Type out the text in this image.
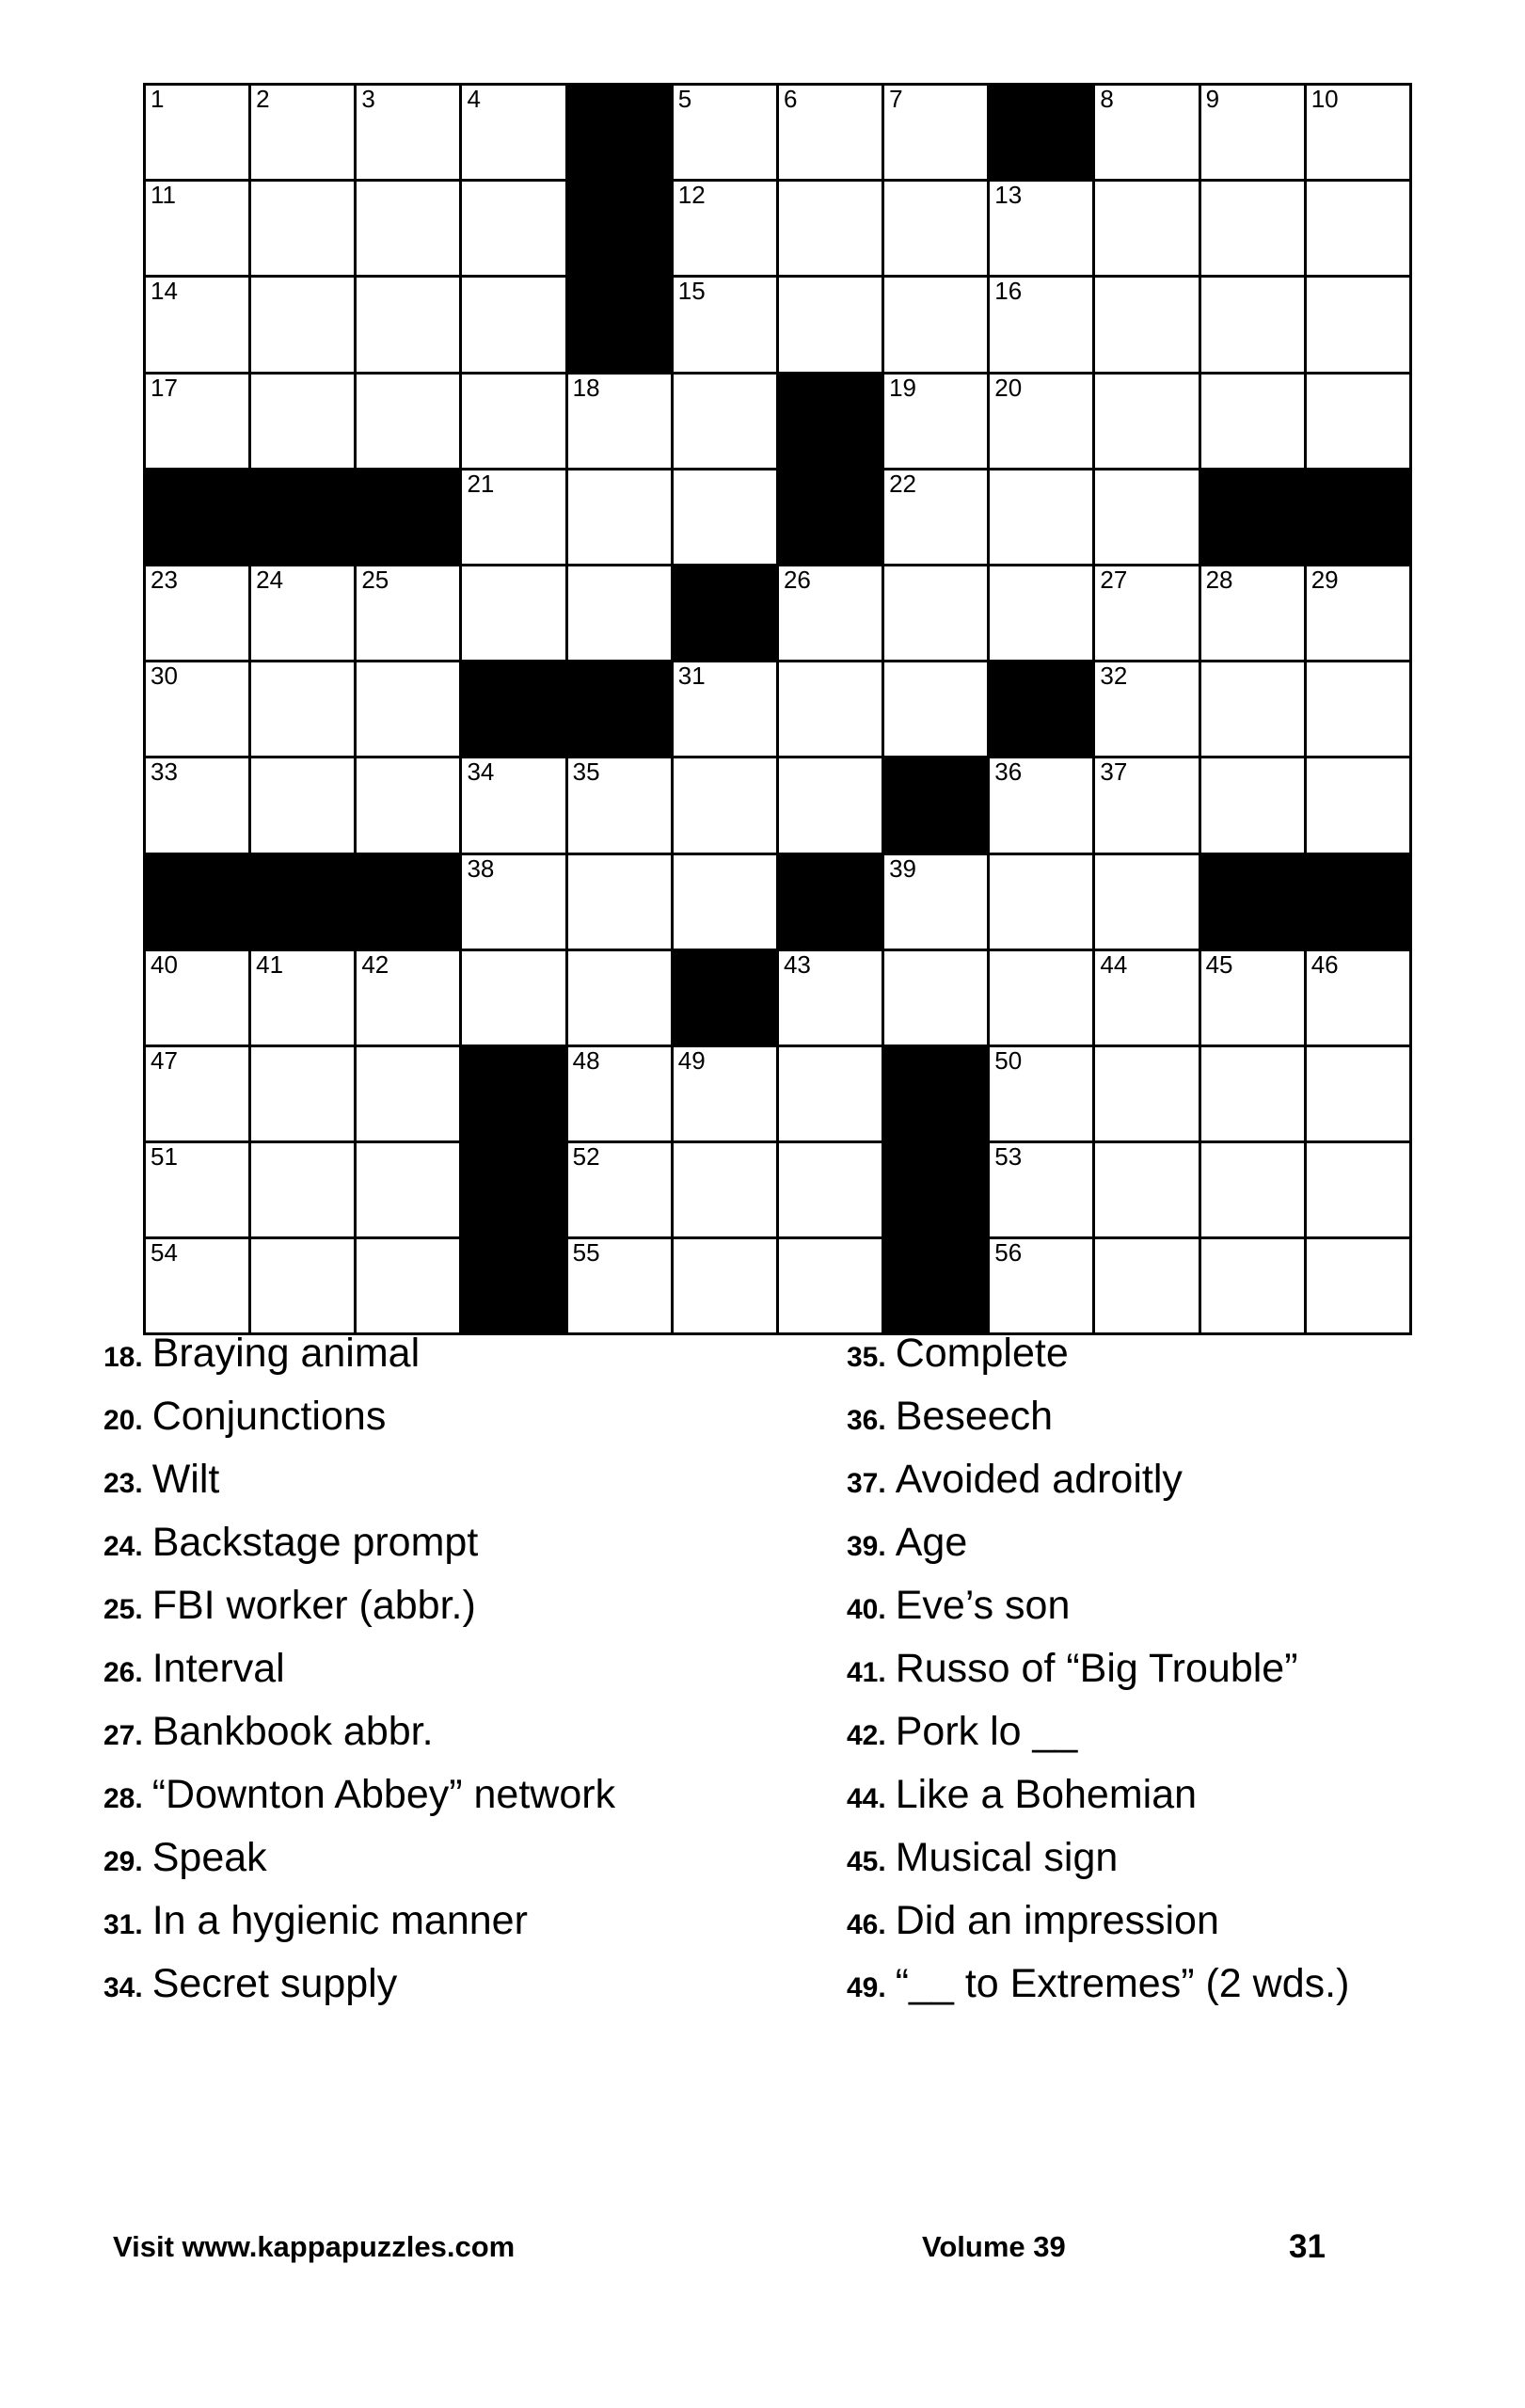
1	2	3	4		5	6	7		8	9	10

11					12			13			

14					15			16			

17				18			19	20			

			21				22				

23	24	25				26			27	28	29

30					31				32		

33			34	35				36	37		

			38				39				

40	41	42				43			44	45	46

47				48	49			50			

51				52				53			

54				55				56			

18. Braying animal
20. Conjunctions
23. Wilt
24. Backstage prompt
25. FBI worker (abbr.)
26. Interval
27. Bankbook abbr.
28. “Downton Abbey” network
29. Speak
31. In a hygienic manner
34. Secret supply
35. Complete
36. Beseech
37. Avoided adroitly
39. Age
40. Eve’s son
41. Russo of “Big Trouble”
42. Pork lo __
44. Like a Bohemian
45. Musical sign
46. Did an impression
49. “__ to Extremes” (2 wds.)
Visit www.kappapuzzles.com	Volume 39	31
